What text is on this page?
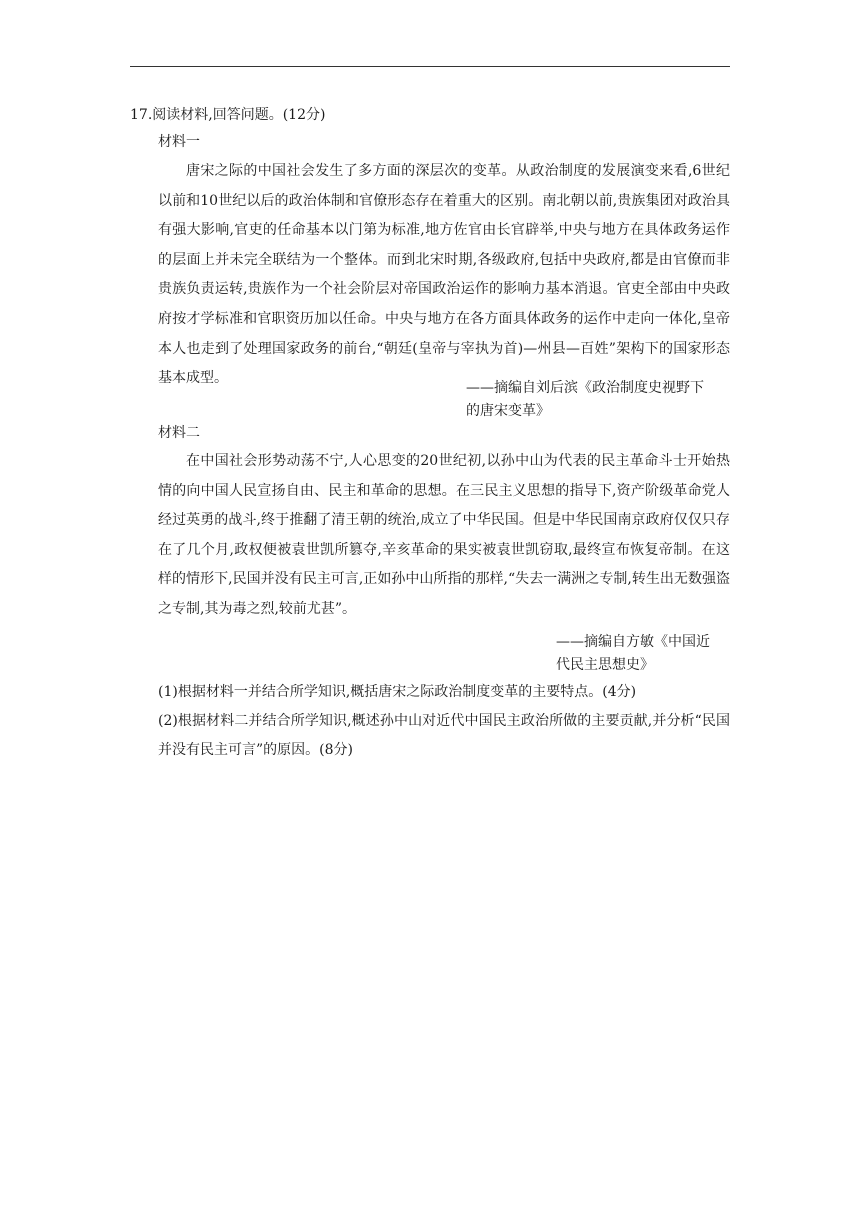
17.阅读材料,回答问题。(12分)
材料一

唐宋之际的中国社会发生了多方面的深层次的变革。从政治制度的发展演变来看,6世纪以前和10世纪以后的政治体制和官僚形态存在着重大的区别。南北朝以前,贵族集团对政治具有强大影响,官吏的任命基本以门第为标准,地方佐官由长官辟举,中央与地方在具体政务运作的层面上并未完全联结为一个整体。而到北宋时期,各级政府,包括中央政府,都是由官僚而非贵族负责运转,贵族作为一个社会阶层对帝国政治运作的影响力基本消退。官吏全部由中央政府按才学标准和官职资历加以任命。中央与地方在各方面具体政务的运作中走向一体化,皇帝本人也走到了处理国家政务的前台,“朝廷(皇帝与宰执为首)—州县—百姓”架构下的国家形态基本成型。

——摘编自刘后滨《政治制度史视野下
的唐宋变革》
材料二

在中国社会形势动荡不宁,人心思变的20世纪初,以孙中山为代表的民主革命斗士开始热情的向中国人民宣扬自由、民主和革命的思想。在三民主义思想的指导下,资产阶级革命党人经过英勇的战斗,终于推翻了清王朝的统治,成立了中华民国。但是中华民国南京政府仅仅只存在了几个月,政权便被袁世凯所篡夺,辛亥革命的果实被袁世凯窃取,最终宣布恢复帝制。在这样的情形下,民国并没有民主可言,正如孙中山所指的那样,“失去一满洲之专制,转生出无数强盗之专制,其为毒之烈,较前尤甚”。

——摘编自方敏《中国近
代民主思想史》

(1)根据材料一并结合所学知识,概括唐宋之际政治制度变革的主要特点。(4分)

(2)根据材料二并结合所学知识,概述孙中山对近代中国民主政治所做的主要贡献,并分析“民国并没有民主可言”的原因。(8分)
